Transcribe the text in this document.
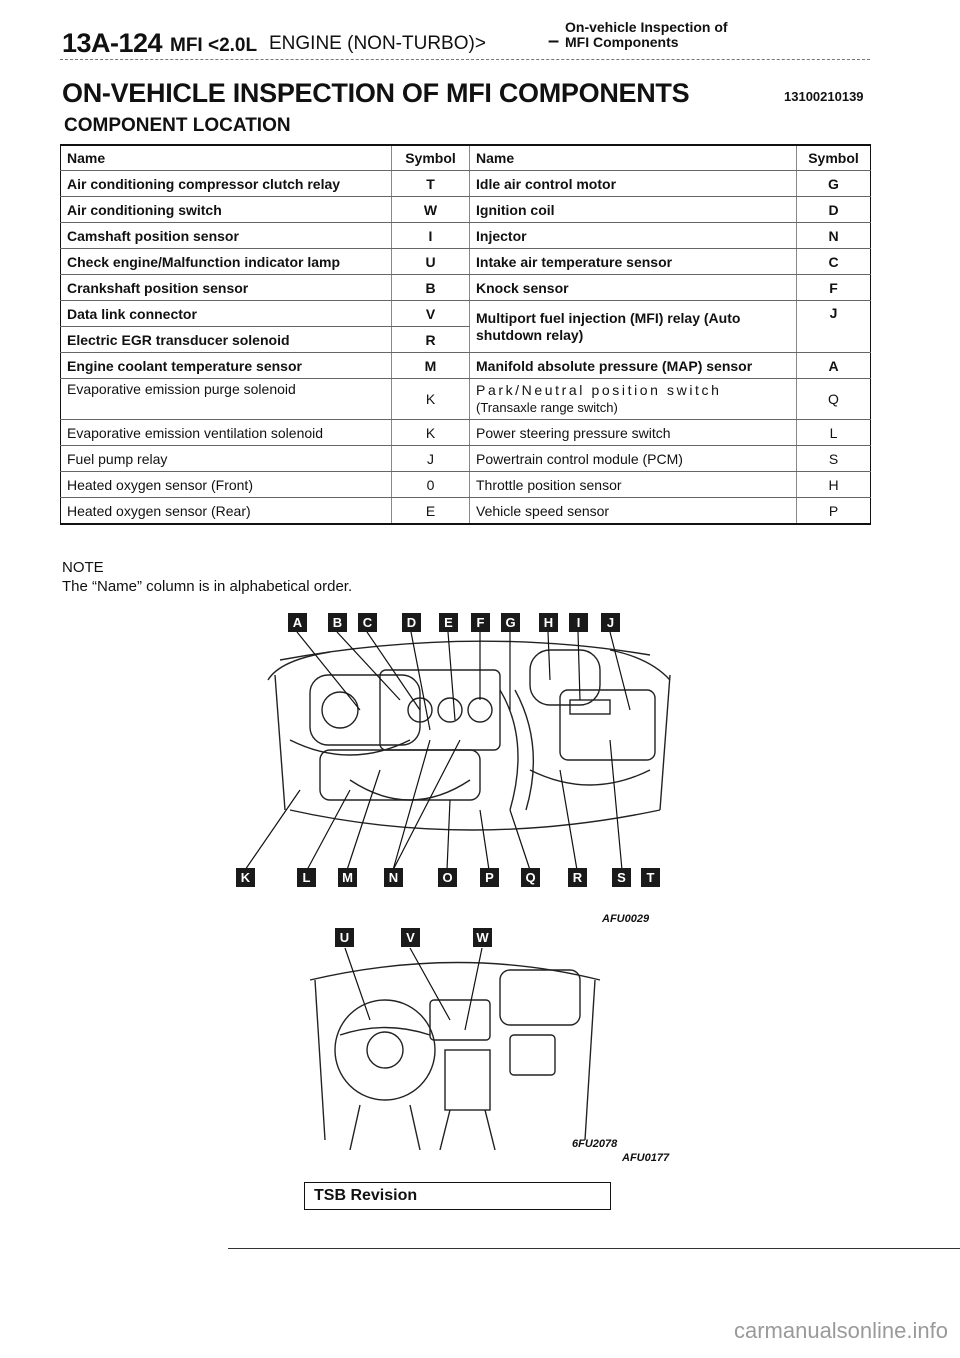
13A-124 MFI <2.0L ENGINE (NON-TURBO)>	–
On-vehicle Inspection of
MFI Components
ON-VEHICLE INSPECTION OF MFI COMPONENTS	13100210139
COMPONENT LOCATION
Name	Symbol	Name	Symbol
Air conditioning compressor clutch relay	T	Idle air control motor	G
Air conditioning switch	W	Ignition coil	D
Camshaft position sensor	I	Injector	N
Check engine/Malfunction indicator lamp	U	Intake air temperature sensor	C
Crankshaft position sensor	B	Knock sensor	F
Data link connector	V	Multiport fuel injection (MFI) relay (Auto shutdown relay)	J
Electric EGR transducer solenoid	R		
Engine coolant temperature sensor	M	Manifold absolute pressure (MAP) sensor	A
Evaporative emission purge solenoid	K	Park/Neutral position switch
(Transaxle range switch)	Q
Evaporative emission ventilation solenoid	K	Power steering pressure switch	L
Fuel pump relay	J	Powertrain control module (PCM)	S
Heated oxygen sensor (Front)	0	Throttle position sensor	H
Heated oxygen sensor (Rear)	E	Vehicle speed sensor	P
NOTE
The “Name” column is in alphabetical order.
A	B	C	D	E	F	G	H	I	J
K	L	M	N	O	P	Q	R	S	T
AFU0029
U	V	W
6FU2078
AFU0177
TSB Revision
carmanualsonline.info
